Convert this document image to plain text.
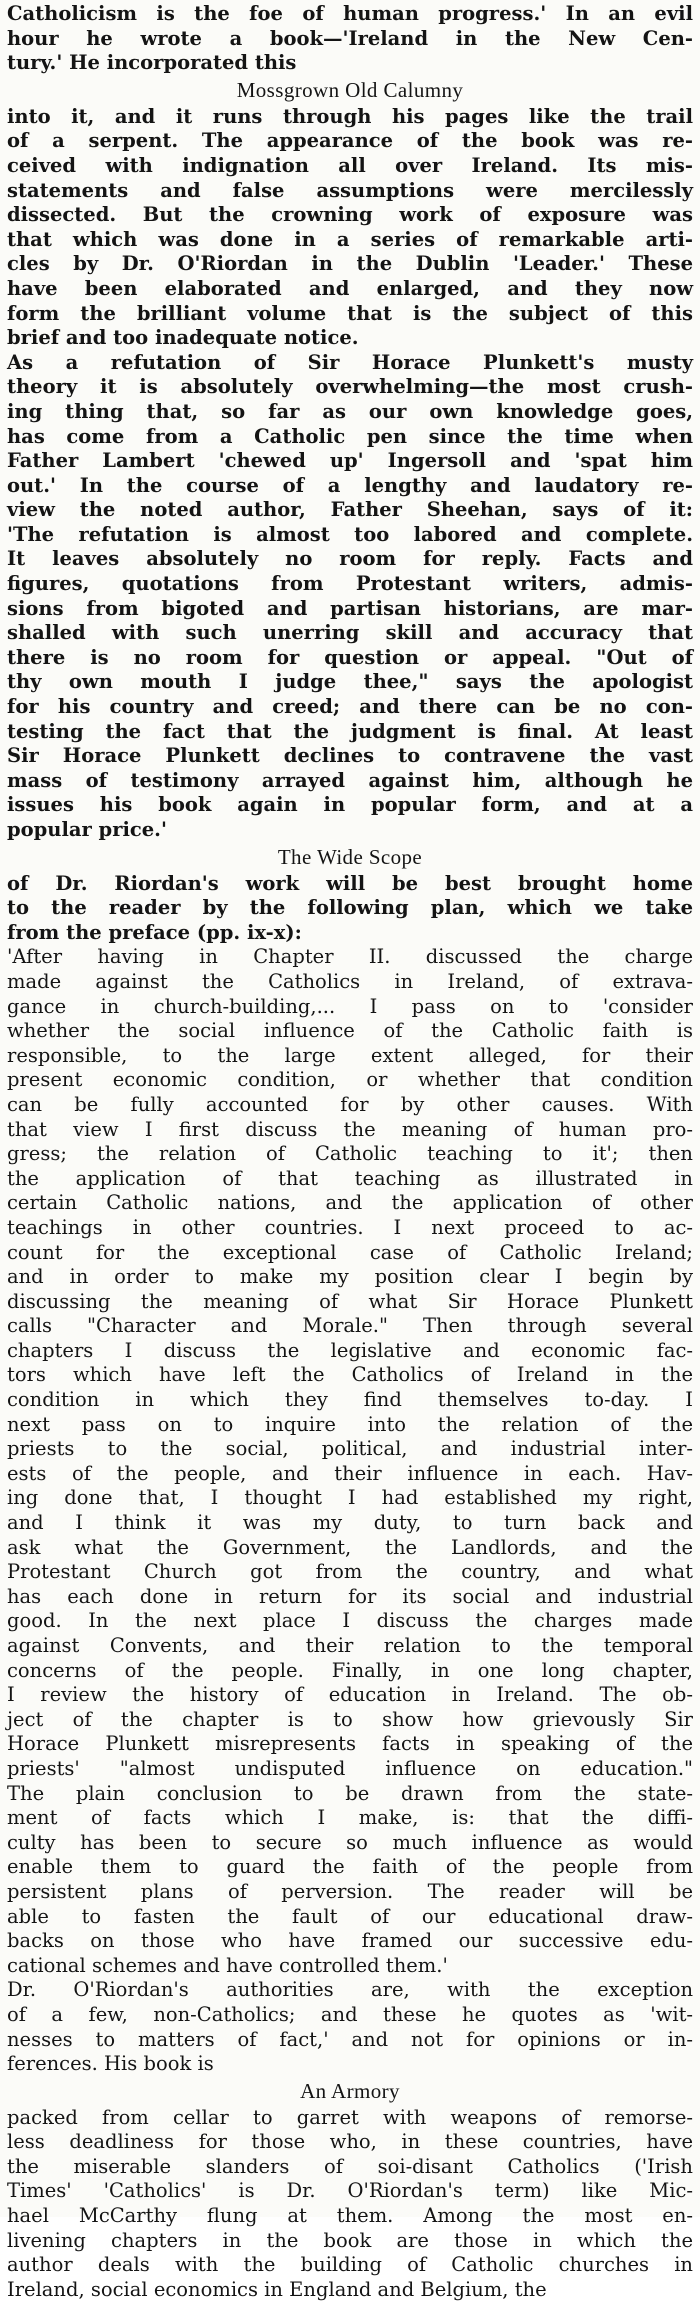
Catholicism is the foe of human progress.' In an evil
hour he wrote a book—'Ireland in the New Cen-
tury.' He incorporated this
Mossgrown Old Calumny
into it, and it runs through his pages like the trail
of a serpent. The appearance of the book was re-
ceived with indignation all over Ireland. Its mis-
statements and false assumptions were mercilessly
dissected. But the crowning work of exposure was
that which was done in a series of remarkable arti-
cles by Dr. O'Riordan in the Dublin 'Leader.' These
have been elaborated and enlarged, and they now
form the brilliant volume that is the subject of this
brief and too inadequate notice.
As a refutation of Sir Horace Plunkett's musty
theory it is absolutely overwhelming—the most crush-
ing thing that, so far as our own knowledge goes,
has come from a Catholic pen since the time when
Father Lambert 'chewed up' Ingersoll and 'spat him
out.' In the course of a lengthy and laudatory re-
view the noted author, Father Sheehan, says of it:
'The refutation is almost too labored and complete.
It leaves absolutely no room for reply. Facts and
figures, quotations from Protestant writers, admis-
sions from bigoted and partisan historians, are mar-
shalled with such unerring skill and accuracy that
there is no room for question or appeal. "Out of
thy own mouth I judge thee," says the apologist
for his country and creed; and there can be no con-
testing the fact that the judgment is final. At least
Sir Horace Plunkett declines to contravene the vast
mass of testimony arrayed against him, although he
issues his book again in popular form, and at a
popular price.'
The Wide Scope
of Dr. Riordan's work will be best brought home
to the reader by the following plan, which we take
from the preface (pp. ix-x):
'After having in Chapter II. discussed the charge
made against the Catholics in Ireland, of extrava-
gance in church-building,... I pass on to 'consider
whether the social influence of the Catholic faith is
responsible, to the large extent alleged, for their
present economic condition, or whether that condition
can be fully accounted for by other causes. With
that view I first discuss the meaning of human pro-
gress; the relation of Catholic teaching to it'; then
the application of that teaching as illustrated in
certain Catholic nations, and the application of other
teachings in other countries. I next proceed to ac-
count for the exceptional case of Catholic Ireland;
and in order to make my position clear I begin by
discussing the meaning of what Sir Horace Plunkett
calls "Character and Morale." Then through several
chapters I discuss the legislative and economic fac-
tors which have left the Catholics of Ireland in the
condition in which they find themselves to-day. I
next pass on to inquire into the relation of the
priests to the social, political, and industrial inter-
ests of the people, and their influence in each. Hav-
ing done that, I thought I had established my right,
and I think it was my duty, to turn back and
ask what the Government, the Landlords, and the
Protestant Church got from the country, and what
has each done in return for its social and industrial
good. In the next place I discuss the charges made
against Convents, and their relation to the temporal
concerns of the people. Finally, in one long chapter,
I review the history of education in Ireland. The ob-
ject of the chapter is to show how grievously Sir
Horace Plunkett misrepresents facts in speaking of the
priests' "almost undisputed influence on education."
The plain conclusion to be drawn from the state-
ment of facts which I make, is: that the diffi-
culty has been to secure so much influence as would
enable them to guard the faith of the people from
persistent plans of perversion. The reader will be
able to fasten the fault of our educational draw-
backs on those who have framed our successive edu-
cational schemes and have controlled them.'
Dr. O'Riordan's authorities are, with the exception
of a few, non-Catholics; and these he quotes as 'wit-
nesses to matters of fact,' and not for opinions or in-
ferences. His book is
An Armory
packed from cellar to garret with weapons of remorse-
less deadliness for those who, in these countries, have
the miserable slanders of soi-disant Catholics ('Irish
Times' 'Catholics' is Dr. O'Riordan's term) like Mic-
hael McCarthy flung at them. Among the most en-
livening chapters in the book are those in which the
author deals with the building of Catholic churches in
Ireland, social economics in England and Belgium, the
